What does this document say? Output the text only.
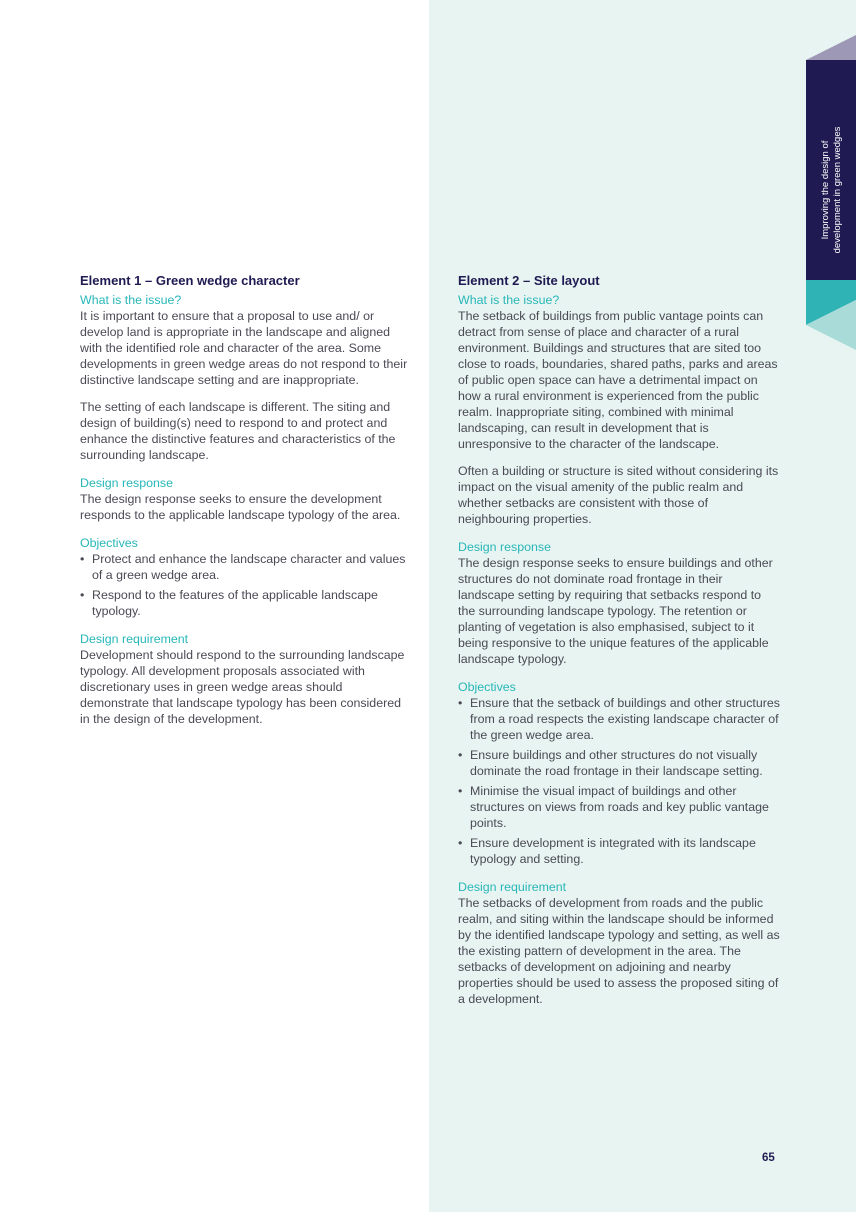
Improving the design of development in green wedges
Element 1 – Green wedge character
What is the issue?

It is important to ensure that a proposal to use and/ or develop land is appropriate in the landscape and aligned with the identified role and character of the area. Some developments in green wedge areas do not respond to their distinctive landscape setting and are inappropriate.

The setting of each landscape is different. The siting and design of building(s) need to respond to and protect and enhance the distinctive features and characteristics of the surrounding landscape.

Design response

The design response seeks to ensure the development responds to the applicable landscape typology of the area.

Objectives
• Protect and enhance the landscape character and values of a green wedge area.
• Respond to the features of the applicable landscape typology.
Design requirement

Development should respond to the surrounding landscape typology. All development proposals associated with discretionary uses in green wedge areas should demonstrate that landscape typology has been considered in the design of the development.

Element 2 – Site layout
What is the issue?

The setback of buildings from public vantage points can detract from sense of place and character of a rural environment. Buildings and structures that are sited too close to roads, boundaries, shared paths, parks and areas of public open space can have a detrimental impact on how a rural environment is experienced from the public realm. Inappropriate siting, combined with minimal landscaping, can result in development that is unresponsive to the character of the landscape.

Often a building or structure is sited without considering its impact on the visual amenity of the public realm and whether setbacks are consistent with those of neighbouring properties.

Design response

The design response seeks to ensure buildings and other structures do not dominate road frontage in their landscape setting by requiring that setbacks respond to the surrounding landscape typology. The retention or planting of vegetation is also emphasised, subject to it being responsive to the unique features of the applicable landscape typology.

Objectives
• Ensure that the setback of buildings and other structures from a road respects the existing landscape character of the green wedge area.
• Ensure buildings and other structures do not visually dominate the road frontage in their landscape setting.
• Minimise the visual impact of buildings and other structures on views from roads and key public vantage points.
• Ensure development is integrated with its landscape typology and setting.
Design requirement

The setbacks of development from roads and the public realm, and siting within the landscape should be informed by the identified landscape typology and setting, as well as the existing pattern of development in the area. The setbacks of development on adjoining and nearby properties should be used to assess the proposed siting of a development.

65
